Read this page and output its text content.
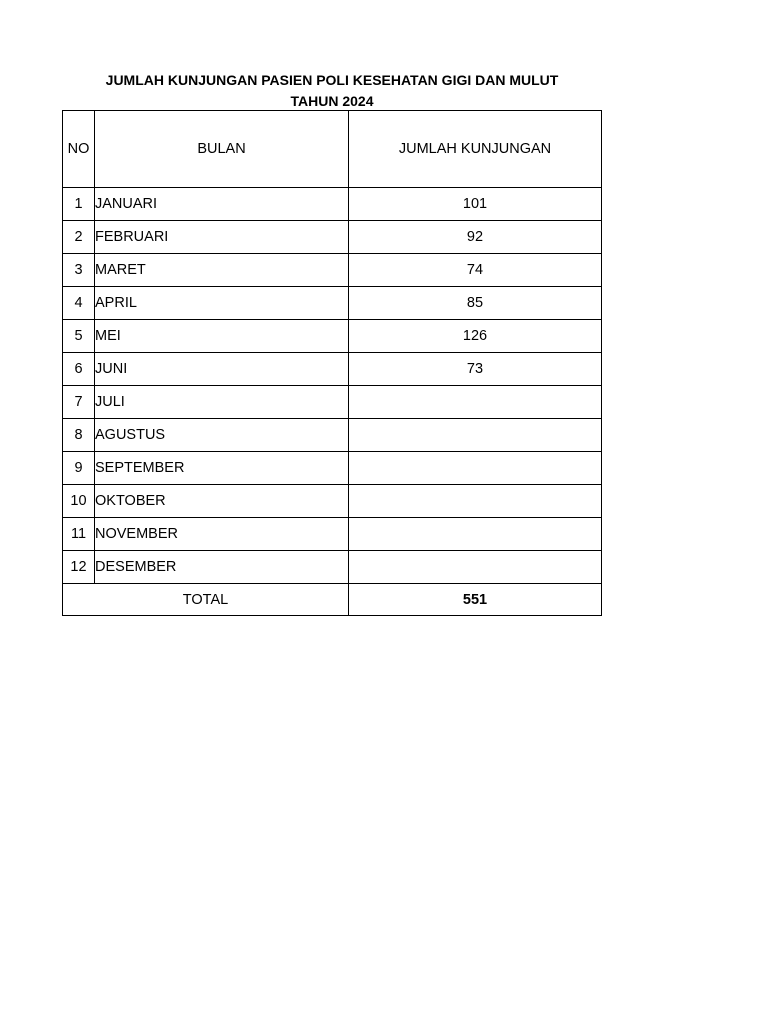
JUMLAH KUNJUNGAN PASIEN POLI KESEHATAN GIGI DAN MULUT
TAHUN 2024
NO	BULAN	JUMLAH KUNJUNGAN
1	JANUARI	101
2	FEBRUARI	92
3	MARET	74
4	APRIL	85
5	MEI	126
6	JUNI	73
7	JULI	
8	AGUSTUS	
9	SEPTEMBER	
10	OKTOBER	
11	NOVEMBER	
12	DESEMBER	
TOTAL		551
